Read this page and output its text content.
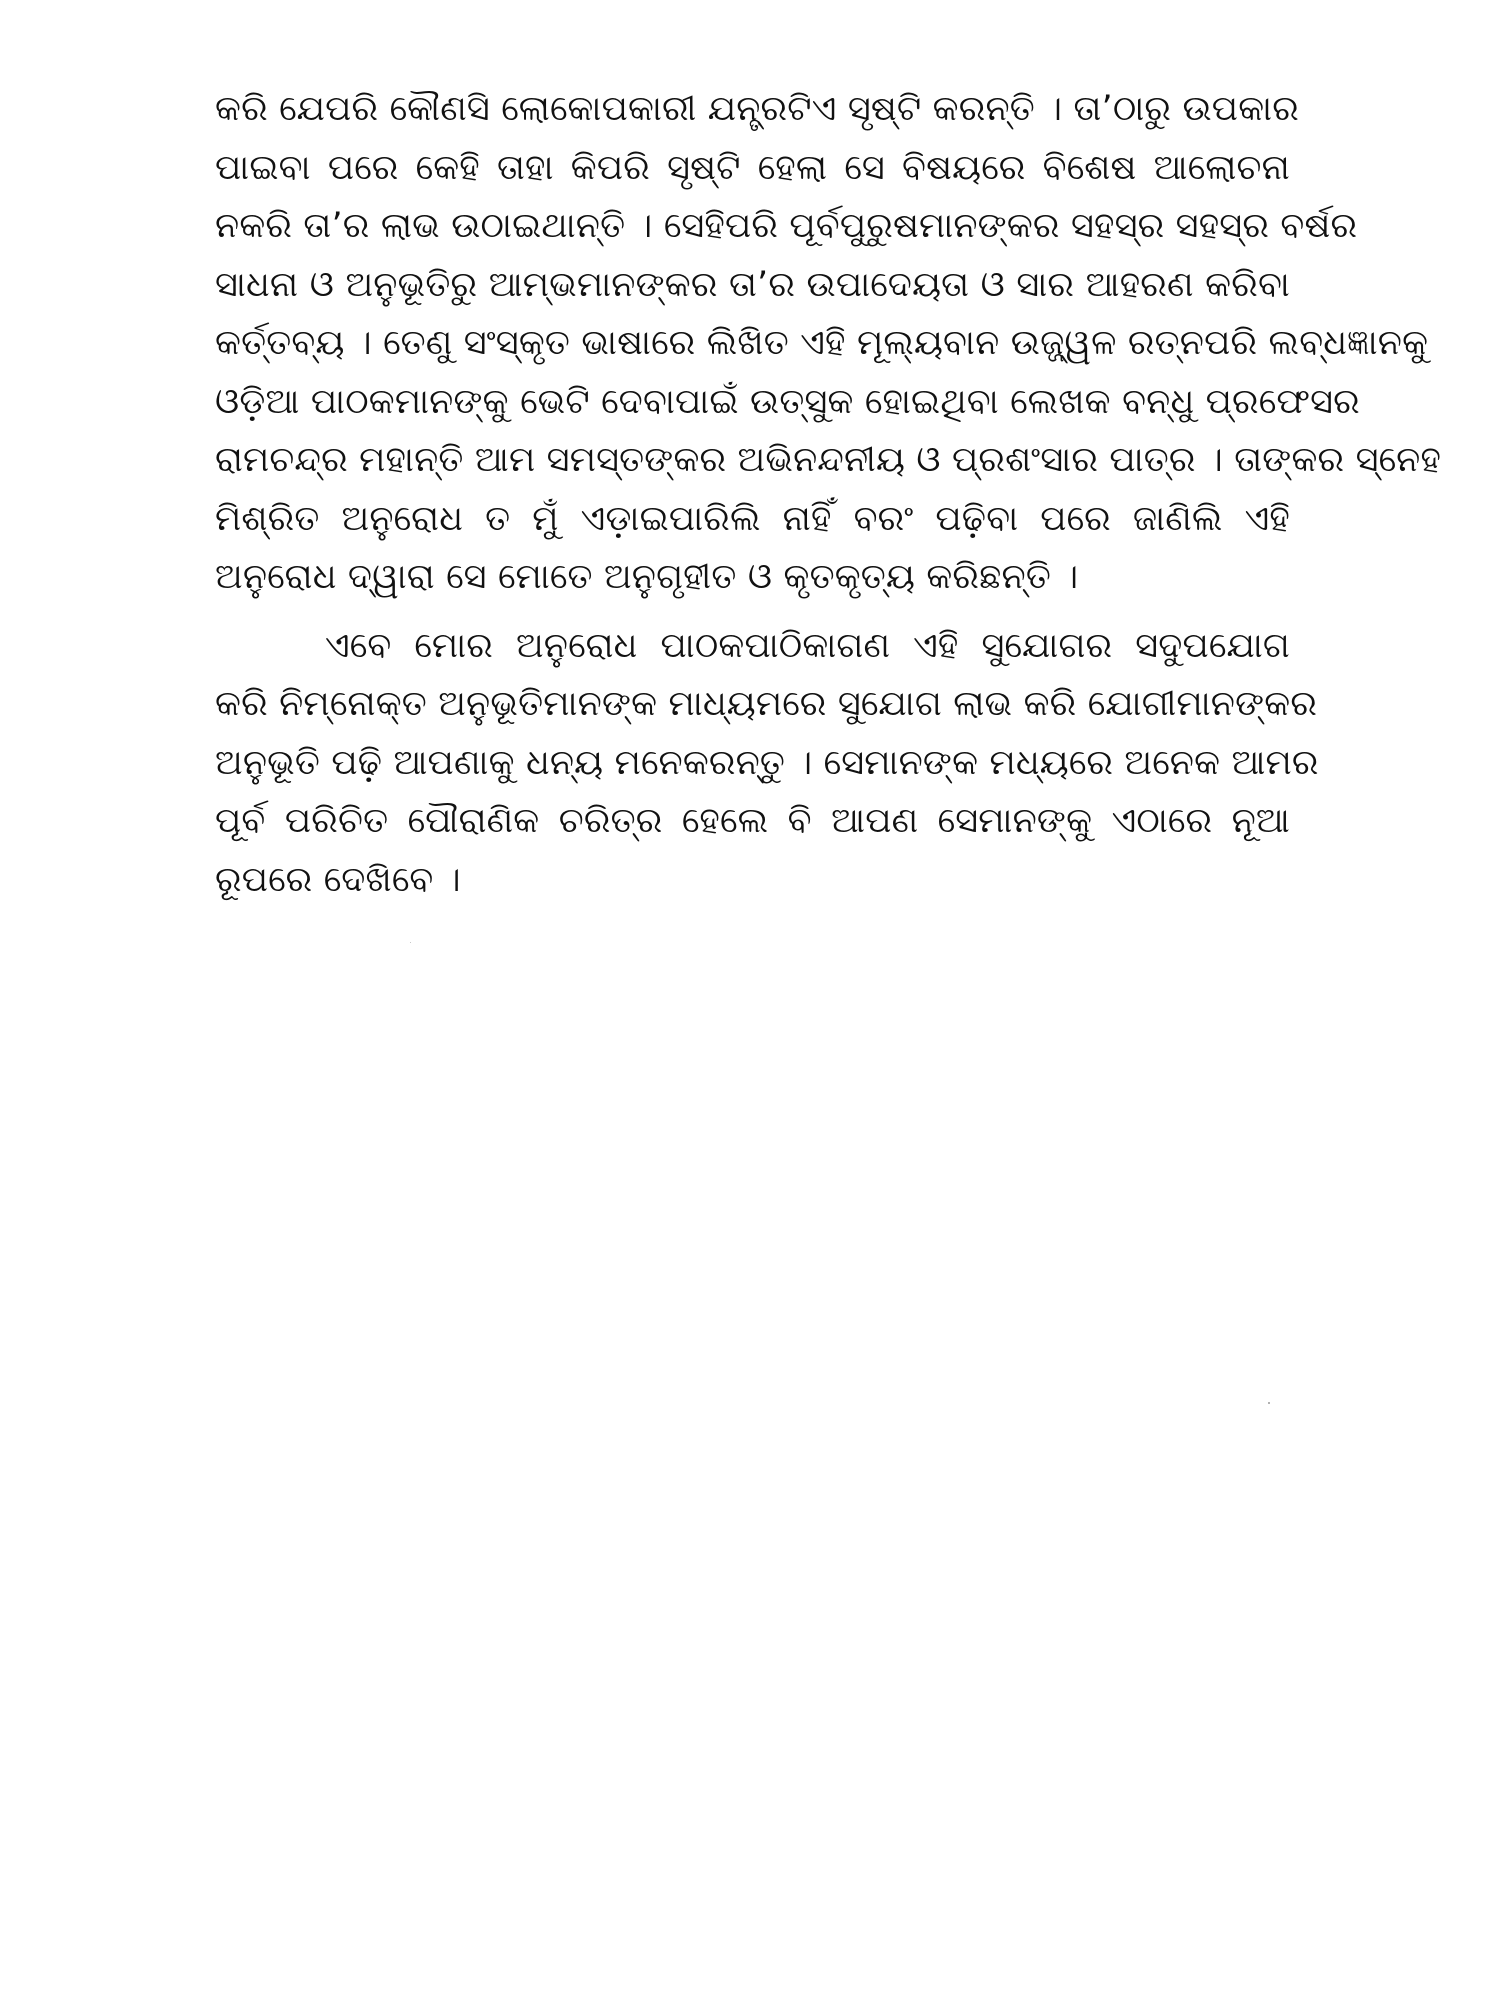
କରି ଯେପରି କୌଣସି ଲୋକୋପକାରୀ ଯନ୍ତ୍ରଟିଏ ସୃଷ୍ଟି କରନ୍ତି । ତା’ଠାରୁ ଉପକାର
ପାଇବା ପରେ କେହି ତାହା କିପରି ସୃଷ୍ଟି ହେଲା ସେ ବିଷୟରେ ବିଶେଷ ଆଲୋଚନା
ନକରି ତା’ର ଲାଭ ଉଠାଇଥାନ୍ତି । ସେହିପରି ପୂର୍ବପୁରୁଷମାନଙ୍କର ସହସ୍ର ସହସ୍ର ବର୍ଷର
ସାଧନା ଓ ଅନୁଭୂତିରୁ ଆମ୍ଭମାନଙ୍କର ତା’ର ଉପାଦେୟତା ଓ ସାର ଆହରଣ କରିବା
କର୍ତ୍ତବ୍ୟ । ତେଣୁ ସଂସ୍କୃତ ଭାଷାରେ ଲିଖିତ ଏହି ମୂଲ୍ୟବାନ ଉଜ୍ଜ୍ୱଳ ରତ୍ନପରି ଲବ୍ଧଜ୍ଞାନକୁ
ଓଡ଼ିଆ ପାଠକମାନଙ୍କୁ ଭେଟି ଦେବାପାଇଁ ଉତ୍ସୁକ ହୋଇଥିବା ଲେଖକ ବନ୍ଧୁ ପ୍ରଫେସର
ରାମଚନ୍ଦ୍ର ମହାନ୍ତି ଆମ ସମସ୍ତଙ୍କର ଅଭିନନ୍ଦନୀୟ ଓ ପ୍ରଶଂସାର ପାତ୍ର । ତାଙ୍କର ସ୍ନେହ
ମିଶ୍ରିତ ଅନୁରୋଧ ତ ମୁଁ ଏଡ଼ାଇପାରିଲି ନାହିଁ ବରଂ ପଢ଼ିବା ପରେ ଜାଣିଲି ଏହି
ଅନୁରୋଧ ଦ୍ୱାରା ସେ ମୋତେ ଅନୁଗୃହୀତ ଓ କୃତକୃତ୍ୟ କରିଛନ୍ତି ।

ଏବେ ମୋର ଅନୁରୋଧ ପାଠକପାଠିକାଗଣ ଏହି ସୁଯୋଗର ସଦୁପଯୋଗ
କରି ନିମ୍ନୋକ୍ତ ଅନୁଭୂତିମାନଙ୍କ ମାଧ୍ୟମରେ ସୁଯୋଗ ଲାଭ କରି ଯୋଗୀମାନଙ୍କର
ଅନୁଭୂତି ପଢ଼ି ଆପଣାକୁ ଧନ୍ୟ ମନେକରନ୍ତୁ । ସେମାନଙ୍କ ମଧ୍ୟରେ ଅନେକ ଆମର
ପୂର୍ବ ପରିଚିତ ପୌରାଣିକ ଚରିତ୍ର ହେଲେ ବି ଆପଣ ସେମାନଙ୍କୁ ଏଠାରେ ନୂଆ
ରୂପରେ ଦେଖିବେ ।
